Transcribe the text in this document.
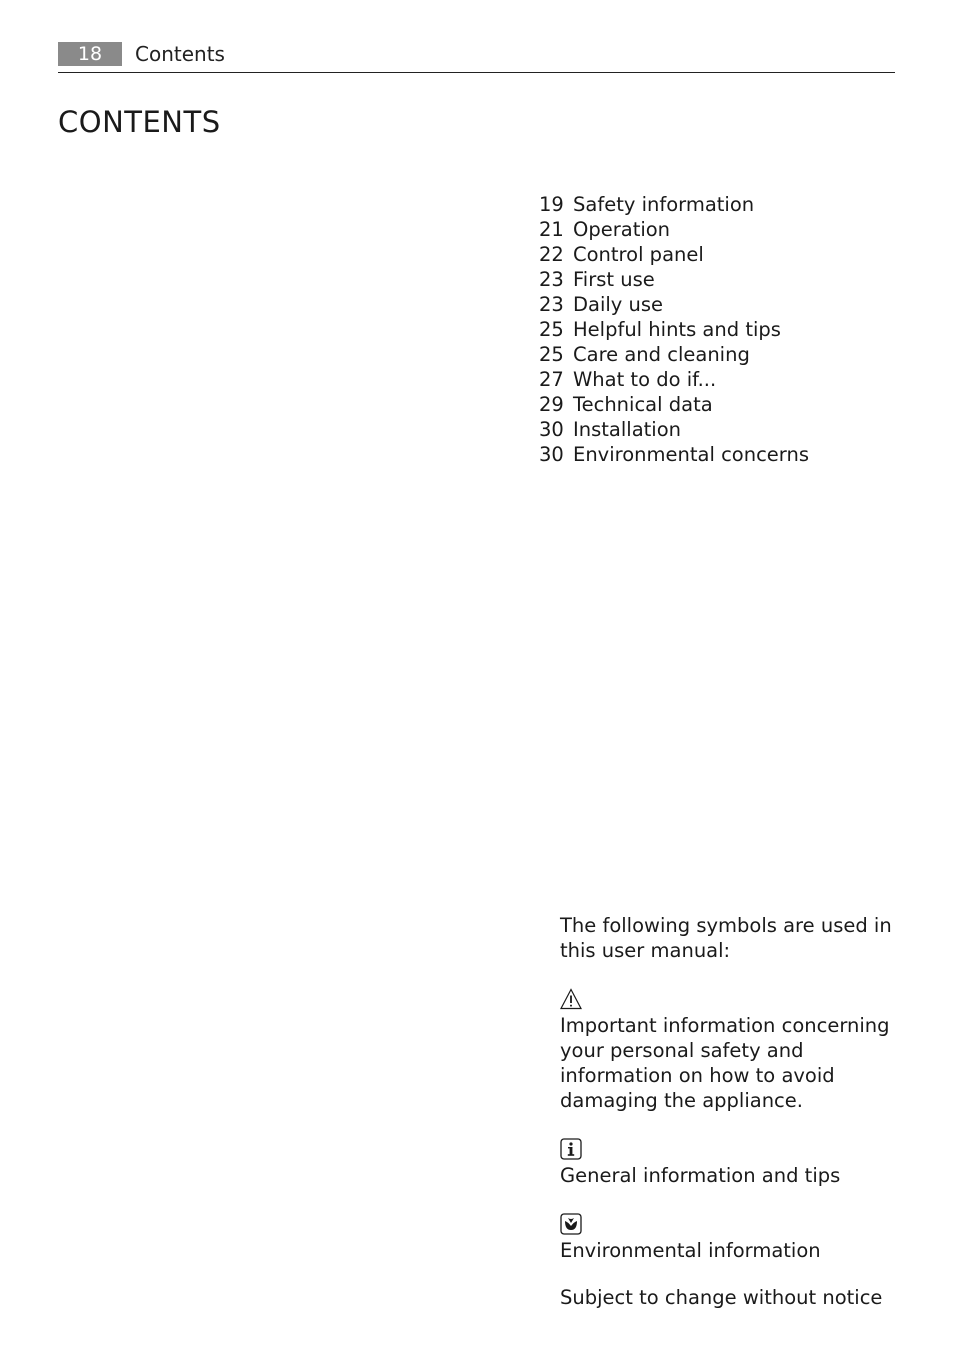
18	Contents
CONTENTS
19 Safety information
21 Operation
22 Control panel
23 First use
23 Daily use
25 Helpful hints and tips
25 Care and cleaning
27 What to do if...
29 Technical data
30 Installation
30 Environmental concerns

The following symbols are used in this user manual:

Important information concerning your personal safety and information on how to avoid damaging the appliance.

General information and tips

Environmental information

Subject to change without notice
